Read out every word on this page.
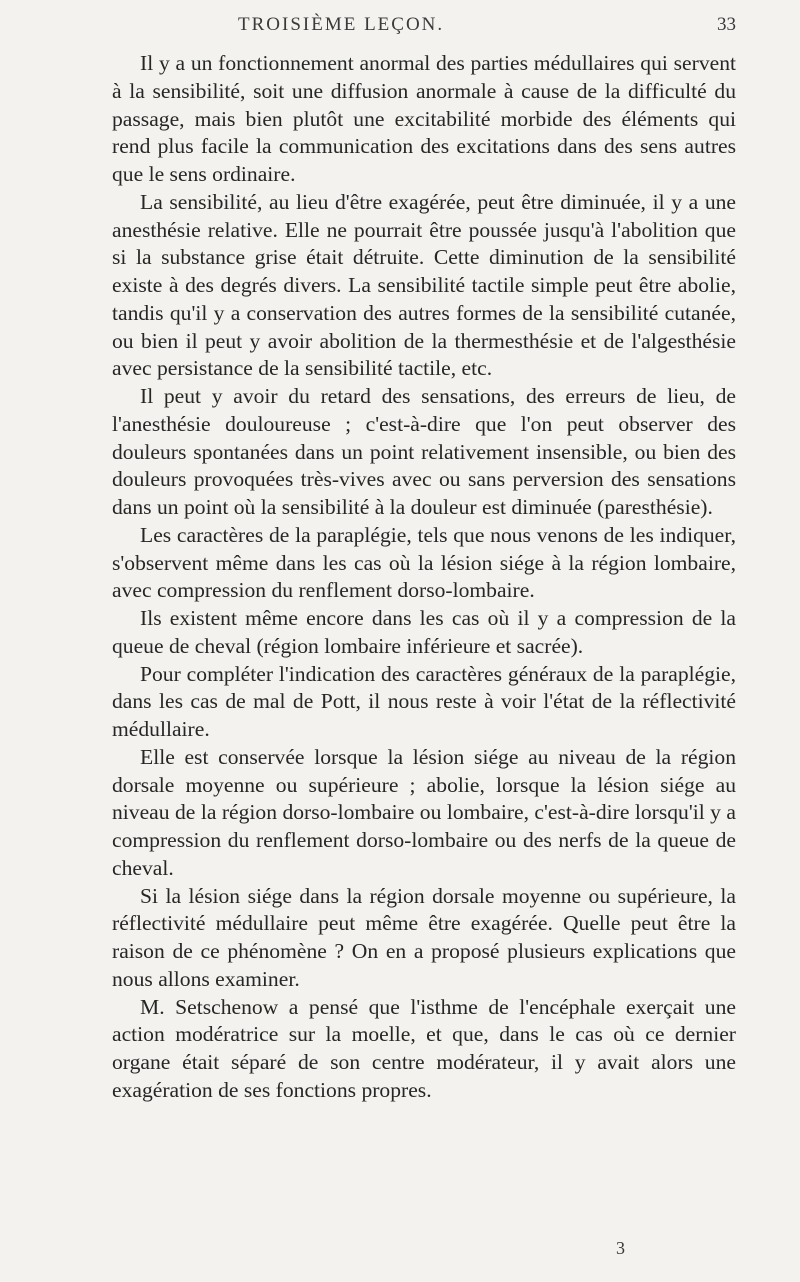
TROISIÈME LEÇON.	33

Il y a un fonctionnement anormal des parties médullaires qui servent à la sensibilité, soit une diffusion anormale à cause de la difficulté du passage, mais bien plutôt une excitabilité morbide des éléments qui rend plus facile la communication des excitations dans des sens autres que le sens ordinaire.

La sensibilité, au lieu d'être exagérée, peut être diminuée, il y a une anesthésie relative. Elle ne pourrait être poussée jusqu'à l'abolition que si la substance grise était détruite. Cette diminution de la sensibilité existe à des degrés divers. La sensibilité tactile simple peut être abolie, tandis qu'il y a conservation des autres formes de la sensibilité cutanée, ou bien il peut y avoir abolition de la thermesthésie et de l'algesthésie avec persistance de la sensibilité tactile, etc.

Il peut y avoir du retard des sensations, des erreurs de lieu, de l'anesthésie douloureuse ; c'est-à-dire que l'on peut observer des douleurs spontanées dans un point relativement insensible, ou bien des douleurs provoquées très-vives avec ou sans perversion des sensations dans un point où la sensibilité à la douleur est diminuée (paresthésie).

Les caractères de la paraplégie, tels que nous venons de les indiquer, s'observent même dans les cas où la lésion siége à la région lombaire, avec compression du renflement dorso-lombaire.

Ils existent même encore dans les cas où il y a compression de la queue de cheval (région lombaire inférieure et sacrée).

Pour compléter l'indication des caractères généraux de la paraplégie, dans les cas de mal de Pott, il nous reste à voir l'état de la réflectivité médullaire.

Elle est conservée lorsque la lésion siége au niveau de la région dorsale moyenne ou supérieure ; abolie, lorsque la lésion siége au niveau de la région dorso-lombaire ou lombaire, c'est-à-dire lorsqu'il y a compression du renflement dorso-lombaire ou des nerfs de la queue de cheval.

Si la lésion siége dans la région dorsale moyenne ou supérieure, la réflectivité médullaire peut même être exagérée. Quelle peut être la raison de ce phénomène ? On en a proposé plusieurs explications que nous allons examiner.

M. Setschenow a pensé que l'isthme de l'encéphale exerçait une action modératrice sur la moelle, et que, dans le cas où ce dernier organe était séparé de son centre modérateur, il y avait alors une exagération de ses fonctions propres.

3
